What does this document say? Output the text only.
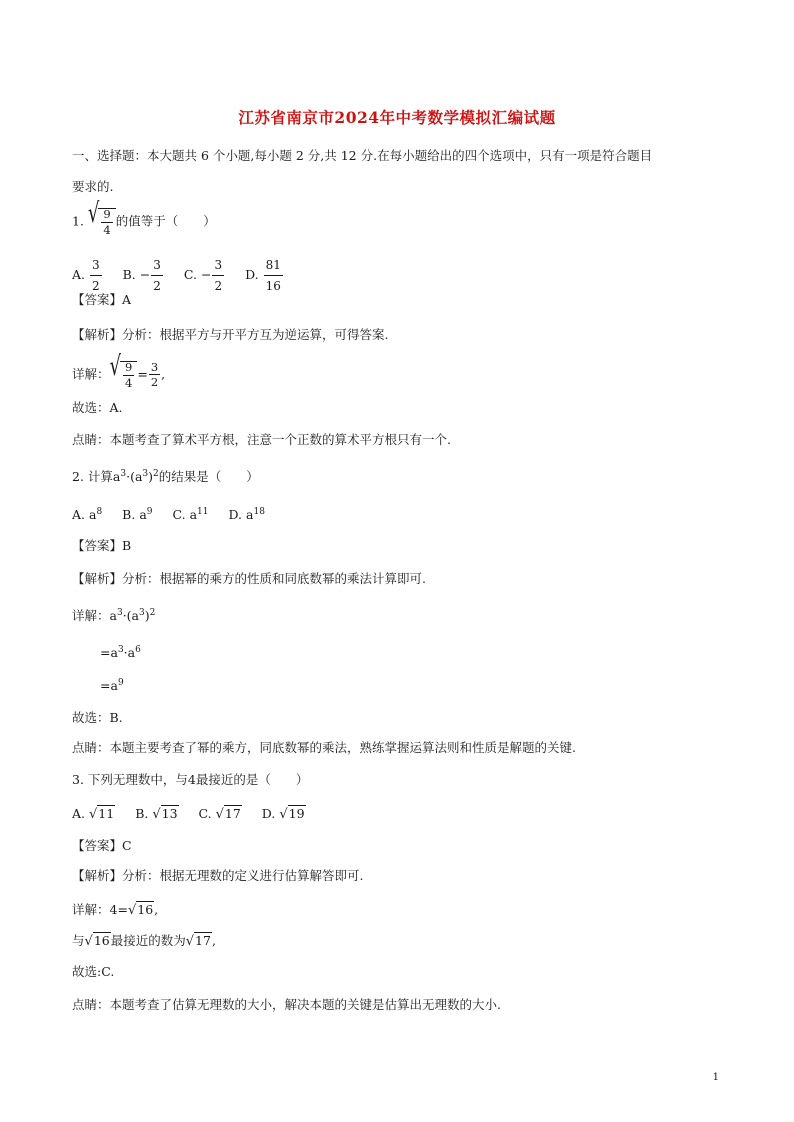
江苏省南京市2024年中考数学模拟汇编试题
一、选择题：本大题共 6 个小题,每小题 2 分,共 12 分.在每小题给出的四个选项中，只有一项是符合题目
要求的.
1. √ $\frac{9}{4}$ 的值等于（　　）
A. $\frac{3}{2} B$. − $\frac{3}{2} C$. − $\frac{3}{2} D$. $\frac{81}{16}$
【答案】A
【解析】分析：根据平方与开平方互为逆运算，可得答案.
详解： √ $\frac{9}{4} = \frac{3}{2}$ ,
故选：A.
点睛：本题考查了算术平方根，注意一个正数的算术平方根只有一个.
2. 计算$a^3\cdot(a^3)^2$的结果是（　　）
A. $a^8$ B. $a^9$ C. $a^{11}$ D. $a^{18}$
【答案】B
【解析】分析：根据幂的乘方的性质和同底数幂的乘法计算即可.
详解：$a^3\cdot(a^3)^2$
$=a^3\cdot a^6$
$=a^9$
故选：B.
点睛：本题主要考查了幂的乘方，同底数幂的乘法，熟练掌握运算法则和性质是解题的关键.
3. 下列无理数中，与4最接近的是（　　）
A. √ 11 B. √ 13 C. √ 17 D. √ 19
【答案】C
【解析】分析：根据无理数的定义进行估算解答即可.
详解：4= √ 16 ,
与 √ 16 最接近的数为 √ 17 ,
故选:C.
点睛：本题考查了估算无理数的大小，解决本题的关键是估算出无理数的大小.
1
